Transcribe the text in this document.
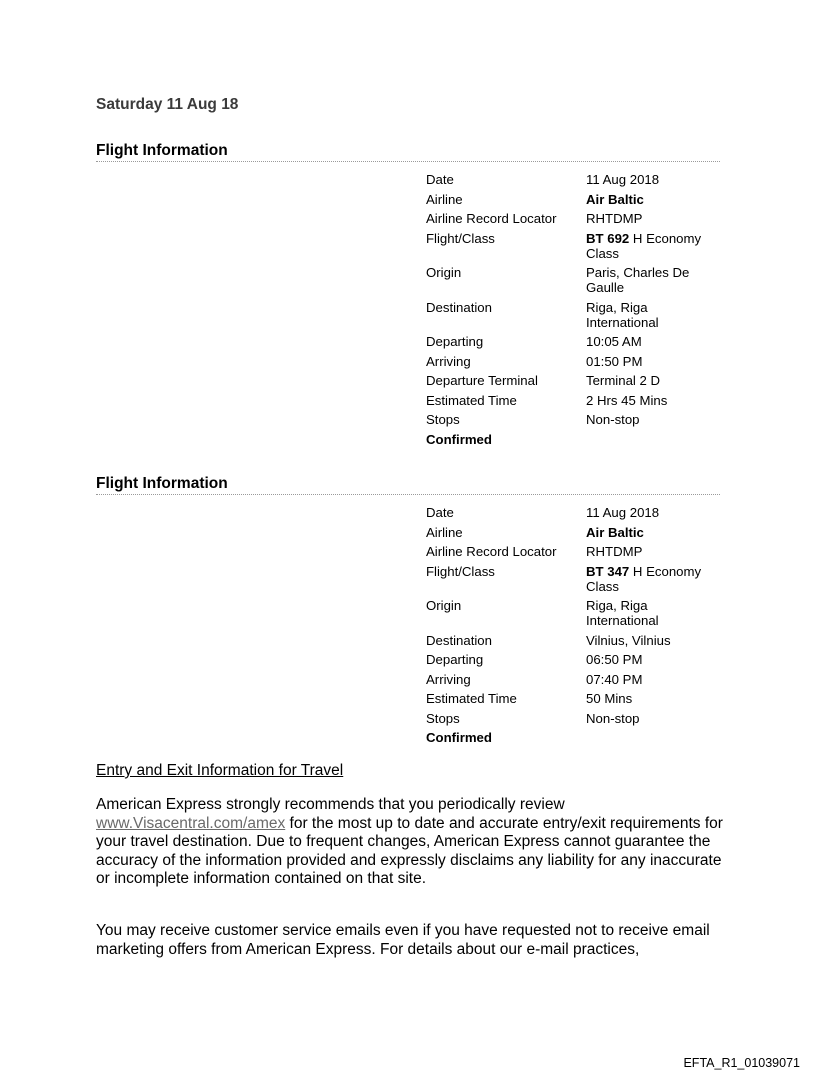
Saturday 11 Aug 18
Flight Information
Date	11 Aug 2018
Airline	Air Baltic
Airline Record Locator	RHTDMP
Flight/Class	BT 692 H Economy Class
Origin	Paris, Charles De Gaulle
Destination	Riga, Riga International
Departing	10:05 AM
Arriving	01:50 PM
Departure Terminal	Terminal 2 D
Estimated Time	2 Hrs 45 Mins
Stops	Non-stop
Confirmed
Flight Information
Date	11 Aug 2018
Airline	Air Baltic
Airline Record Locator	RHTDMP
Flight/Class	BT 347 H Economy Class
Origin	Riga, Riga International
Destination	Vilnius, Vilnius
Departing	06:50 PM
Arriving	07:40 PM
Estimated Time	50 Mins
Stops	Non-stop
Confirmed
Entry and Exit Information for Travel
American Express strongly recommends that you periodically review www.Visacentral.com/amex for the most up to date and accurate entry/exit requirements for your travel destination. Due to frequent changes, American Express cannot guarantee the accuracy of the information provided and expressly disclaims any liability for any inaccurate or incomplete information contained on that site.
You may receive customer service emails even if you have requested not to receive email marketing offers from American Express. For details about our e-mail practices,
EFTA_R1_01039071
